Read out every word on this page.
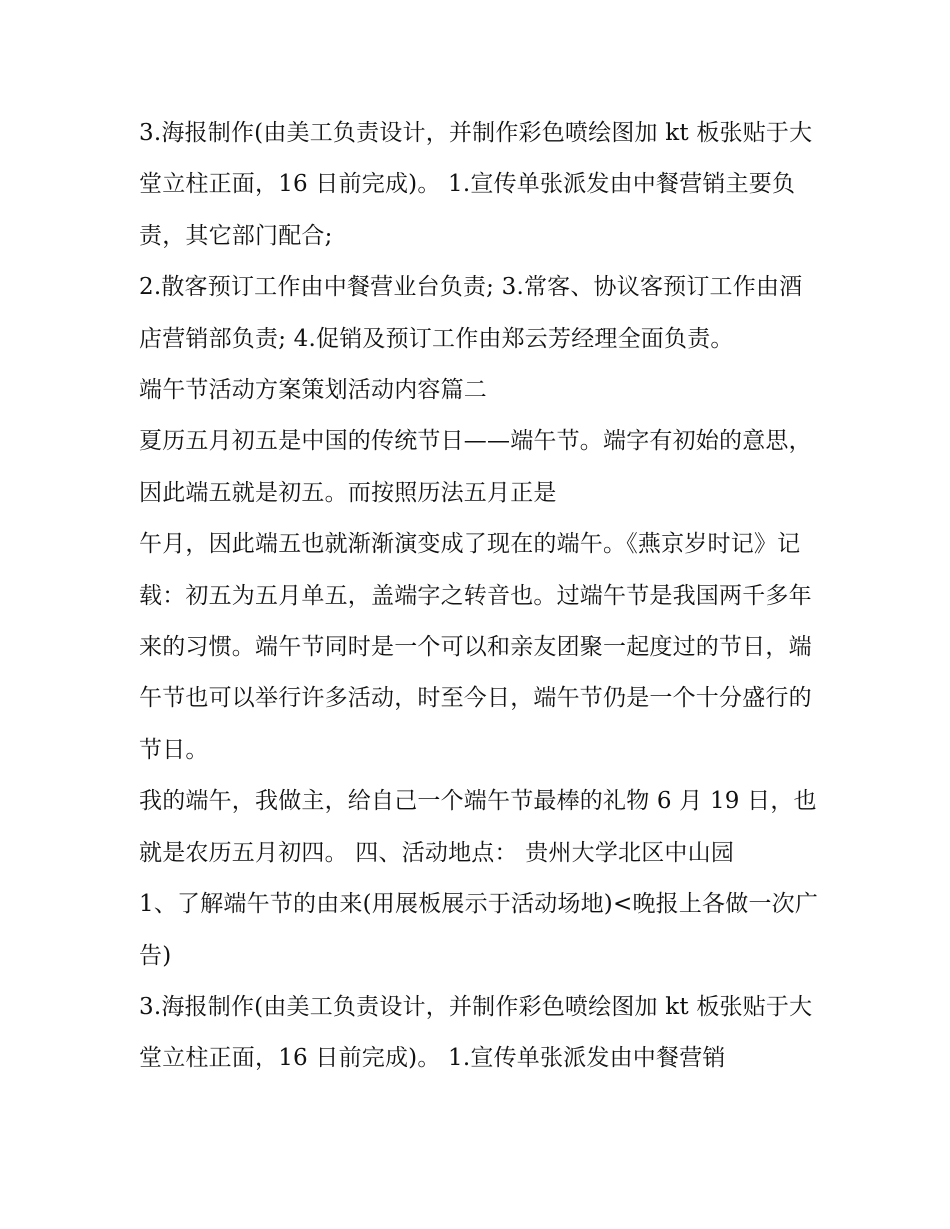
3.海报制作(由美工负责设计，并制作彩色喷绘图加 kt 板张贴于大堂立柱正面，16 日前完成)。 1.宣传单张派发由中餐营销主要负责，其它部门配合;

2.散客预订工作由中餐营业台负责; 3.常客、协议客预订工作由酒店营销部负责; 4.促销及预订工作由郑云芳经理全面负责。

端午节活动方案策划活动内容篇二

夏历五月初五是中国的传统节日——端午节。端字有初始的意思，因此端五就是初五。而按照历法五月正是

午月，因此端五也就渐渐演变成了现在的端午。《燕京岁时记》记载：初五为五月单五，盖端字之转音也。过端午节是我国两千多年来的习惯。端午节同时是一个可以和亲友团聚一起度过的节日，端午节也可以举行许多活动，时至今日，端午节仍是一个十分盛行的节日。

我的端午，我做主，给自己一个端午节最棒的礼物 6 月 19 日，也就是农历五月初四。 四、活动地点： 贵州大学北区中山园

1、了解端午节的由来(用展板展示于活动场地)<晚报上各做一次广告)

3.海报制作(由美工负责设计，并制作彩色喷绘图加 kt 板张贴于大堂立柱正面，16 日前完成)。 1.宣传单张派发由中餐营销
